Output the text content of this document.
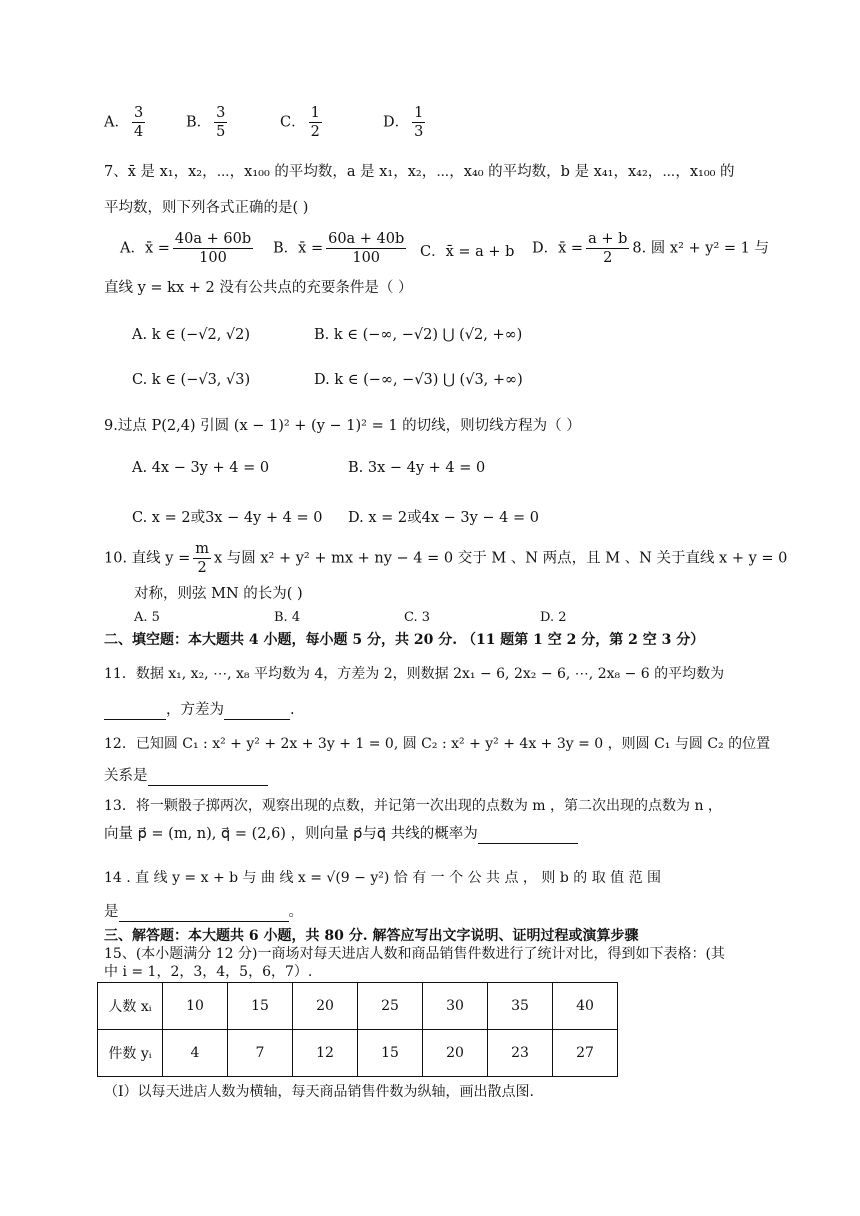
A． $\frac{3}{4}$	B． $\frac{3}{5}$	C． $\frac{1}{2}$	D． $\frac{1}{3}$
7、x̄ 是 x₁，x₂，⋯，x₁₀₀ 的平均数，a 是 x₁，x₂，⋯，x₄₀ 的平均数，b 是 x₄₁，x₄₂，⋯，x₁₀₀ 的
平均数，则下列各式正确的是( )
A．x̄ = $\frac{40a + 60b}{100}$ B．x̄ = $\frac{60a + 40b}{100}$ C．x̄ = a + b D．x̄ = $\frac{a + b}{2} 8$. 圆 x² + y² = 1 与
直线 y = kx + 2 没有公共点的充要条件是（ ）
A. k ∈ (−√2, √2)	B. k ∈ (−∞, −√2) ⋃ (√2, +∞)
C. k ∈ (−√3, √3)	D. k ∈ (−∞, −√3) ⋃ (√3, +∞)
9.过点 P(2,4) 引圆 (x − 1)² + (y − 1)² = 1 的切线，则切线方程为（ ）
A. 4x − 3y + 4 = 0	B. 3x − 4y + 4 = 0
C. x = 2或3x − 4y + 4 = 0 D. x = 2或4x − 3y − 4 = 0
10. 直线 $y = \frac{m}{2}$ x 与圆 x² + y² + mx + ny − 4 = 0 交于 M 、N 两点，且 M 、N 关于直线 x + y = 0
对称，则弦 MN 的长为( )
A. 5	B. 4	C. 3	D. 2
二、填空题：本大题共 4 小题，每小题 5 分，共 20 分. （11 题第 1 空 2 分，第 2 空 3 分）
11．数据 x₁, x₂, ⋯, x₈ 平均数为 4，方差为 2，则数据 2x₁ − 6, 2x₂ − 6, ⋯, 2x₈ − 6 的平均数为
，方差为	.
12．已知圆 C₁ : x² + y² + 2x + 3y + 1 = 0, 圆 C₂ : x² + y² + 4x + 3y = 0 ，则圆 C₁ 与圆 C₂ 的位置
关系是
13．将一颗骰子掷两次，观察出现的点数，并记第一次出现的点数为 m ，第二次出现的点数为 n ，
向量 p⃗ = (m, n), q⃗ = (2,6) ，则向量 p⃗与q⃗ 共线的概率为
14 . 直 线 y = x + b 与 曲 线 x = √(9 − y²) 恰 有 一 个 公 共 点 ， 则 b 的 取 值 范 围
是	。
三、解答题：本大题共 6 小题，共 80 分. 解答应写出文字说明、证明过程或演算步骤
15、(本小题满分 12 分)一商场对每天进店人数和商品销售件数进行了统计对比，得到如下表格：(其
中 i = 1，2，3，4，5，6，7）.
人数 xᵢ	10	15	20	25	30	35	40
件数 yᵢ	4	7	12	15	20	23	27
（Ⅰ）以每天进店人数为横轴，每天商品销售件数为纵轴，画出散点图.
